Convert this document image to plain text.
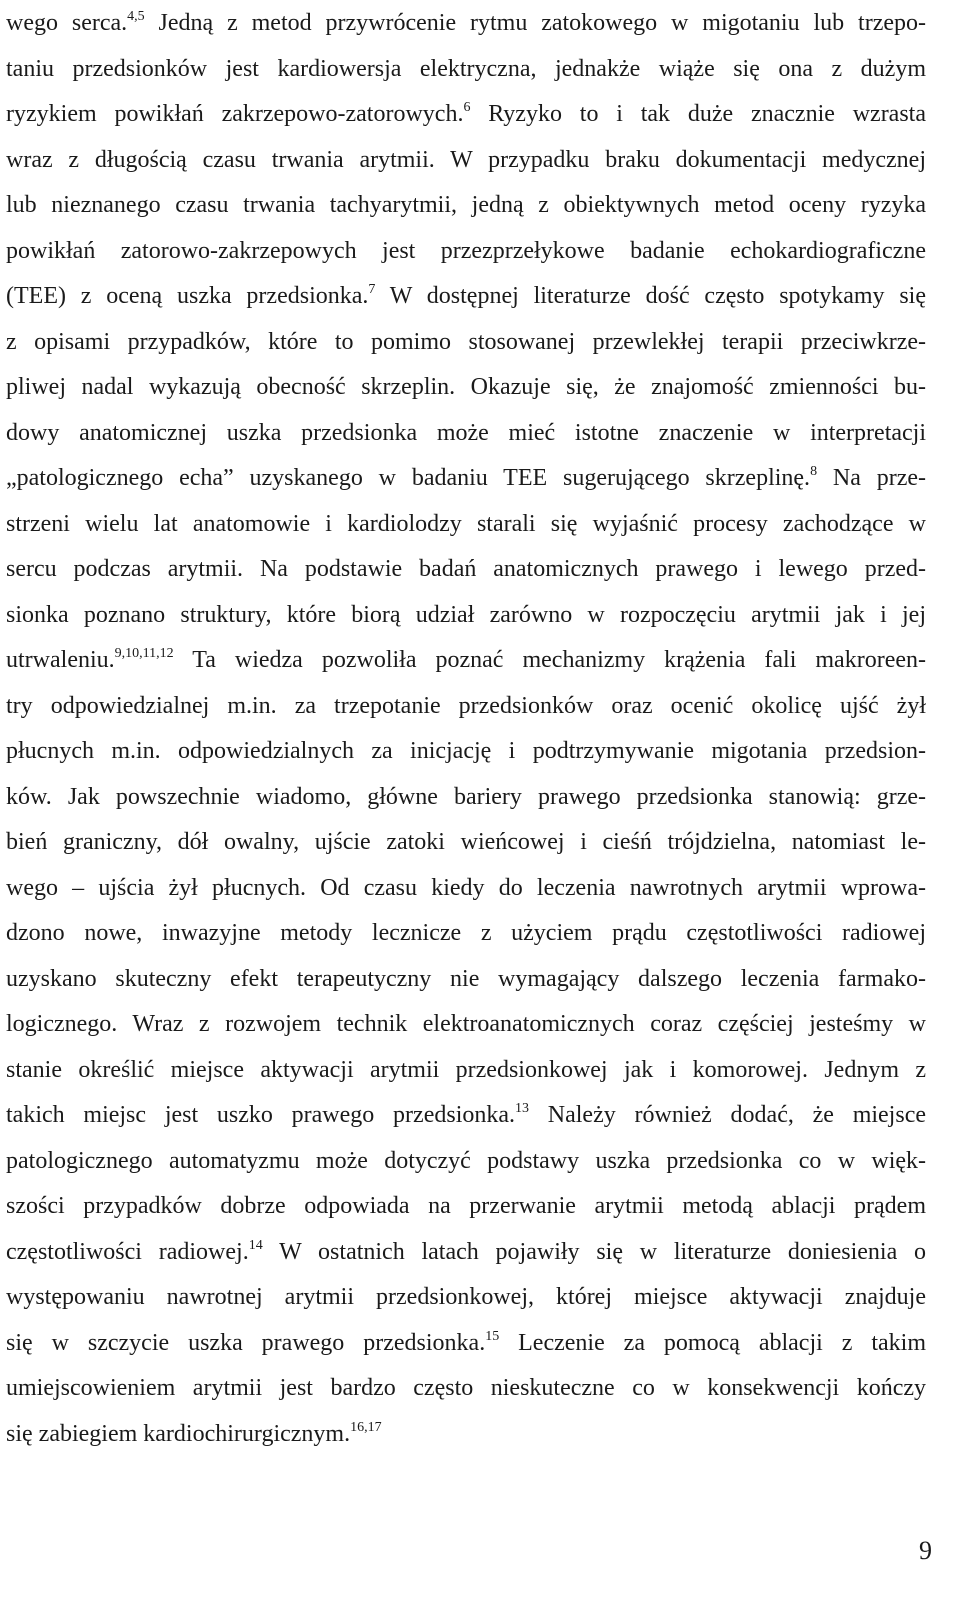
wego serca.$^{4,5}$ Jedną z metod przywrócenie rytmu zatokowego w migotaniu lub trzepo-
taniu przedsionków jest kardiowersja elektryczna, jednakże wiąże się ona z dużym
ryzykiem powikłań zakrzepowo-zatorowych.$^6$ Ryzyko to i tak duże znacznie wzrasta
wraz z długością czasu trwania arytmii. W przypadku braku dokumentacji medycznej
lub nieznanego czasu trwania tachyarytmii, jedną z obiektywnych metod oceny ryzyka
powikłań zatorowo-zakrzepowych jest przezprzełykowe badanie echokardiograficzne
(TEE) z oceną uszka przedsionka.$^7$ W dostępnej literaturze dość często spotykamy się
z opisami przypadków, które to pomimo stosowanej przewlekłej terapii przeciwkrze-
pliwej nadal wykazują obecność skrzeplin. Okazuje się, że znajomość zmienności bu-
dowy anatomicznej uszka przedsionka może mieć istotne znaczenie w interpretacji
„patologicznego echa” uzyskanego w badaniu TEE sugerującego skrzeplinę.$^8$ Na prze-
strzeni wielu lat anatomowie i kardiolodzy starali się wyjaśnić procesy zachodzące w
sercu podczas arytmii. Na podstawie badań anatomicznych prawego i lewego przed-
sionka poznano struktury, które biorą udział zarówno w rozpoczęciu arytmii jak i jej
utrwaleniu.$^{9,10,11,12}$ Ta wiedza pozwoliła poznać mechanizmy krążenia fali makroreen-
try odpowiedzialnej m.in. za trzepotanie przedsionków oraz ocenić okolicę ujść żył
płucnych m.in. odpowiedzialnych za inicjację i podtrzymywanie migotania przedsion-
ków. Jak powszechnie wiadomo, główne bariery prawego przedsionka stanowią: grze-
bień graniczny, dół owalny, ujście zatoki wieńcowej i cieśń trójdzielna, natomiast le-
wego – ujścia żył płucnych. Od czasu kiedy do leczenia nawrotnych arytmii wprowa-
dzono nowe, inwazyjne metody lecznicze z użyciem prądu częstotliwości radiowej
uzyskano skuteczny efekt terapeutyczny nie wymagający dalszego leczenia farmako-
logicznego. Wraz z rozwojem technik elektroanatomicznych coraz częściej jesteśmy w
stanie określić miejsce aktywacji arytmii przedsionkowej jak i komorowej. Jednym z
takich miejsc jest uszko prawego przedsionka.$^{13}$ Należy również dodać, że miejsce
patologicznego automatyzmu może dotyczyć podstawy uszka przedsionka co w więk-
szości przypadków dobrze odpowiada na przerwanie arytmii metodą ablacji prądem
częstotliwości radiowej.$^{14}$ W ostatnich latach pojawiły się w literaturze doniesienia o
występowaniu nawrotnej arytmii przedsionkowej, której miejsce aktywacji znajduje
się w szczycie uszka prawego przedsionka.$^{15}$ Leczenie za pomocą ablacji z takim
umiejscowieniem arytmii jest bardzo często nieskuteczne co w konsekwencji kończy
się zabiegiem kardiochirurgicznym.$^{16,17}$
9
